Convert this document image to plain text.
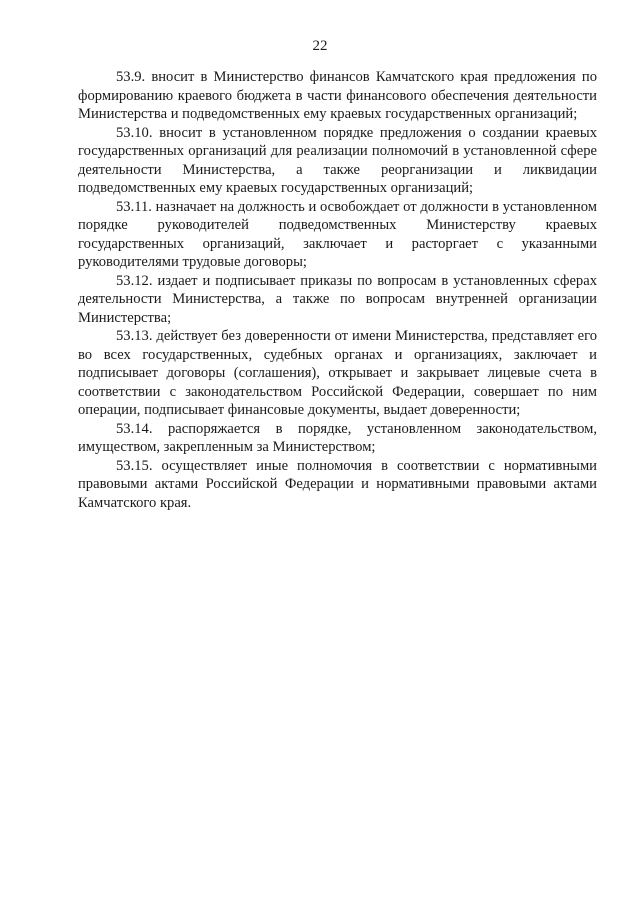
22

53.9. вносит в Министерство финансов Камчатского края предложения по формированию краевого бюджета в части финансового обеспечения деятельности Министерства и подведомственных ему краевых государственных организаций;

53.10. вносит в установленном порядке предложения о создании краевых государственных организаций для реализации полномочий в установленной сфере деятельности Министерства, а также реорганизации и ликвидации подведомственных ему краевых государственных организаций;

53.11. назначает на должность и освобождает от должности в установленном порядке руководителей подведомственных Министерству краевых государственных организаций, заключает и расторгает с указанными руководителями трудовые договоры;

53.12. издает и подписывает приказы по вопросам в установленных сферах деятельности Министерства, а также по вопросам внутренней организации Министерства;

53.13. действует без доверенности от имени Министерства, представляет его во всех государственных, судебных органах и организациях, заключает и подписывает договоры (соглашения), открывает и закрывает лицевые счета в соответствии с законодательством Российской Федерации, совершает по ним операции, подписывает финансовые документы, выдает доверенности;

53.14. распоряжается в порядке, установленном законодательством, имуществом, закрепленным за Министерством;

53.15. осуществляет иные полномочия в соответствии с нормативными правовыми актами Российской Федерации и нормативными правовыми актами Камчатского края.
